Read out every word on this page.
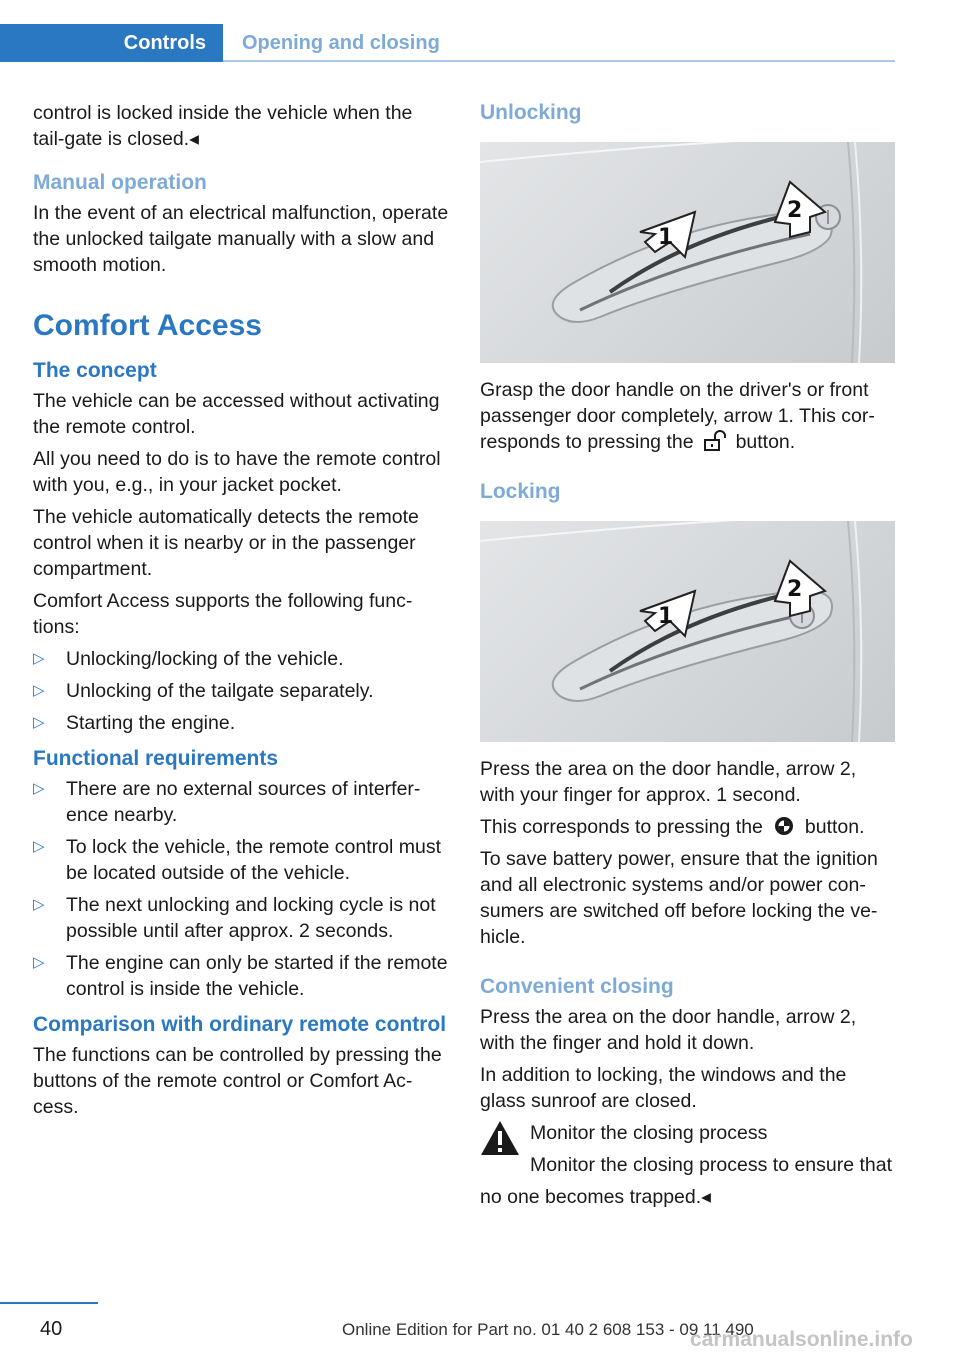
Controls	Opening and closing

control is locked inside the vehicle when the tail‐gate is closed.◂

Manual operation

In the event of an electrical malfunction, operate the unlocked tailgate manually with a slow and smooth motion.

Comfort Access
The concept

The vehicle can be accessed without activating the remote control.

All you need to do is to have the remote control with you, e.g., in your jacket pocket.

The vehicle automatically detects the remote control when it is nearby or in the passenger compartment.

Comfort Access supports the following func‐tions:

▷ Unlocking/locking of the vehicle.
▷ Unlocking of the tailgate separately.
▷ Starting the engine.
Functional requirements
▷ There are no external sources of interfer‐ence nearby.
▷ To lock the vehicle, the remote control must be located outside of the vehicle.
▷ The next unlocking and locking cycle is not possible until after approx. 2 seconds.
▷ The engine can only be started if the remote control is inside the vehicle.
Comparison with ordinary remote control

The functions can be controlled by pressing the buttons of the remote control or Comfort Ac‐cess.

Unlocking
1
2

Grasp the door handle on the driver's or front passenger door completely, arrow 1. This cor‐responds to pressing the button.

Locking
1
2

Press the area on the door handle, arrow 2, with your finger for approx. 1 second.

This corresponds to pressing the button.

To save battery power, ensure that the ignition and all electronic systems and/or power con‐sumers are switched off before locking the ve‐hicle.

Convenient closing

Press the area on the door handle, arrow 2, with the finger and hold it down.

In addition to locking, the windows and the glass sunroof are closed.

Monitor the closing process

Monitor the closing process to ensure that

no one becomes trapped.◂

40	Online Edition for Part no. 01 40 2 608 153 - 09 11 490
carmanualsonline.info
